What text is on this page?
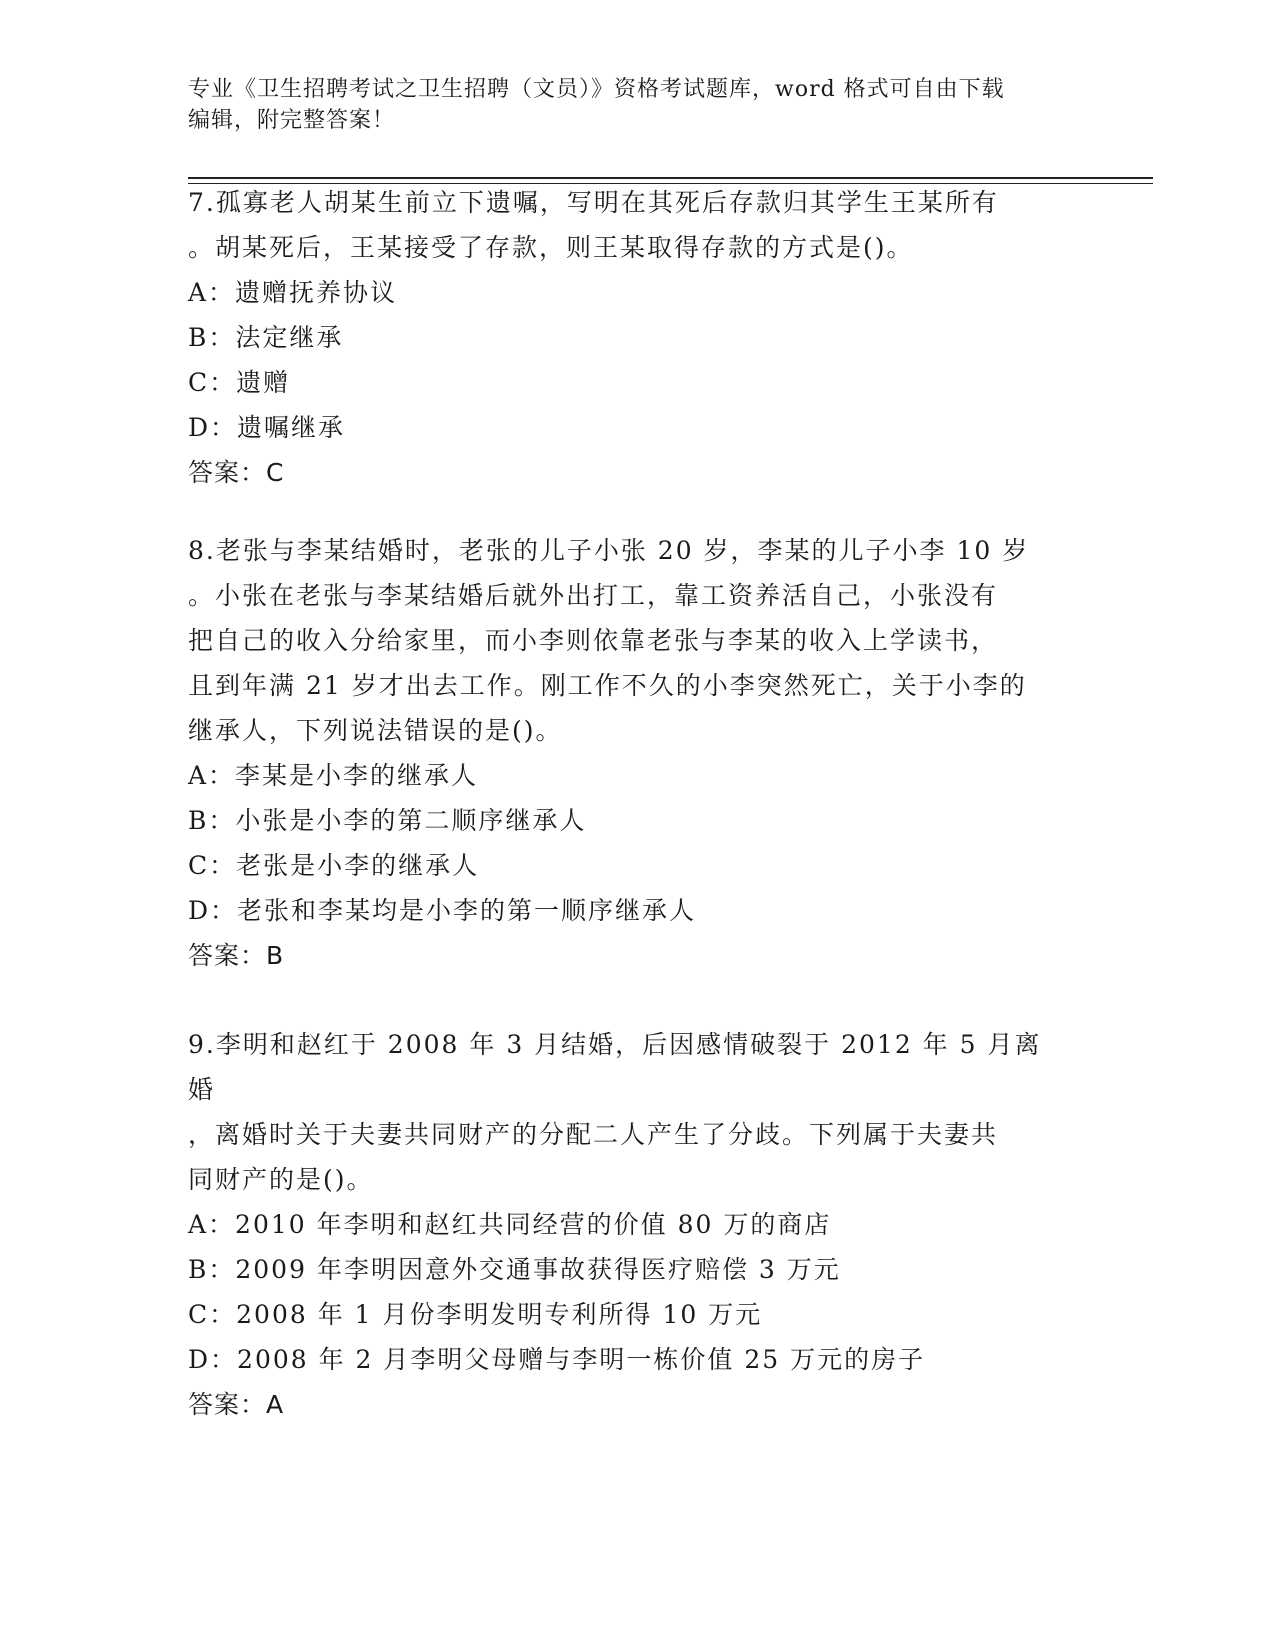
专业《卫生招聘考试之卫生招聘（文员）》资格考试题库，word 格式可自由下载
编辑，附完整答案！

7.孤寡老人胡某生前立下遗嘱，写明在其死后存款归其学生王某所有

。胡某死后，王某接受了存款，则王某取得存款的方式是()。

A：遗赠抚养协议

B：法定继承

C：遗赠

D：遗嘱继承

答案：C

8.老张与李某结婚时，老张的儿子小张 20 岁，李某的儿子小李 10 岁

。小张在老张与李某结婚后就外出打工，靠工资养活自己，小张没有

把自己的收入分给家里，而小李则依靠老张与李某的收入上学读书，

且到年满 21 岁才出去工作。刚工作不久的小李突然死亡，关于小李的

继承人，下列说法错误的是()。

A：李某是小李的继承人

B：小张是小李的第二顺序继承人

C：老张是小李的继承人

D：老张和李某均是小李的第一顺序继承人

答案：B

9.李明和赵红于 2008 年 3 月结婚，后因感情破裂于 2012 年 5 月离婚

，离婚时关于夫妻共同财产的分配二人产生了分歧。下列属于夫妻共

同财产的是()。

A：2010 年李明和赵红共同经营的价值 80 万的商店

B：2009 年李明因意外交通事故获得医疗赔偿 3 万元

C：2008 年 1 月份李明发明专利所得 10 万元

D：2008 年 2 月李明父母赠与李明一栋价值 25 万元的房子

答案：A
